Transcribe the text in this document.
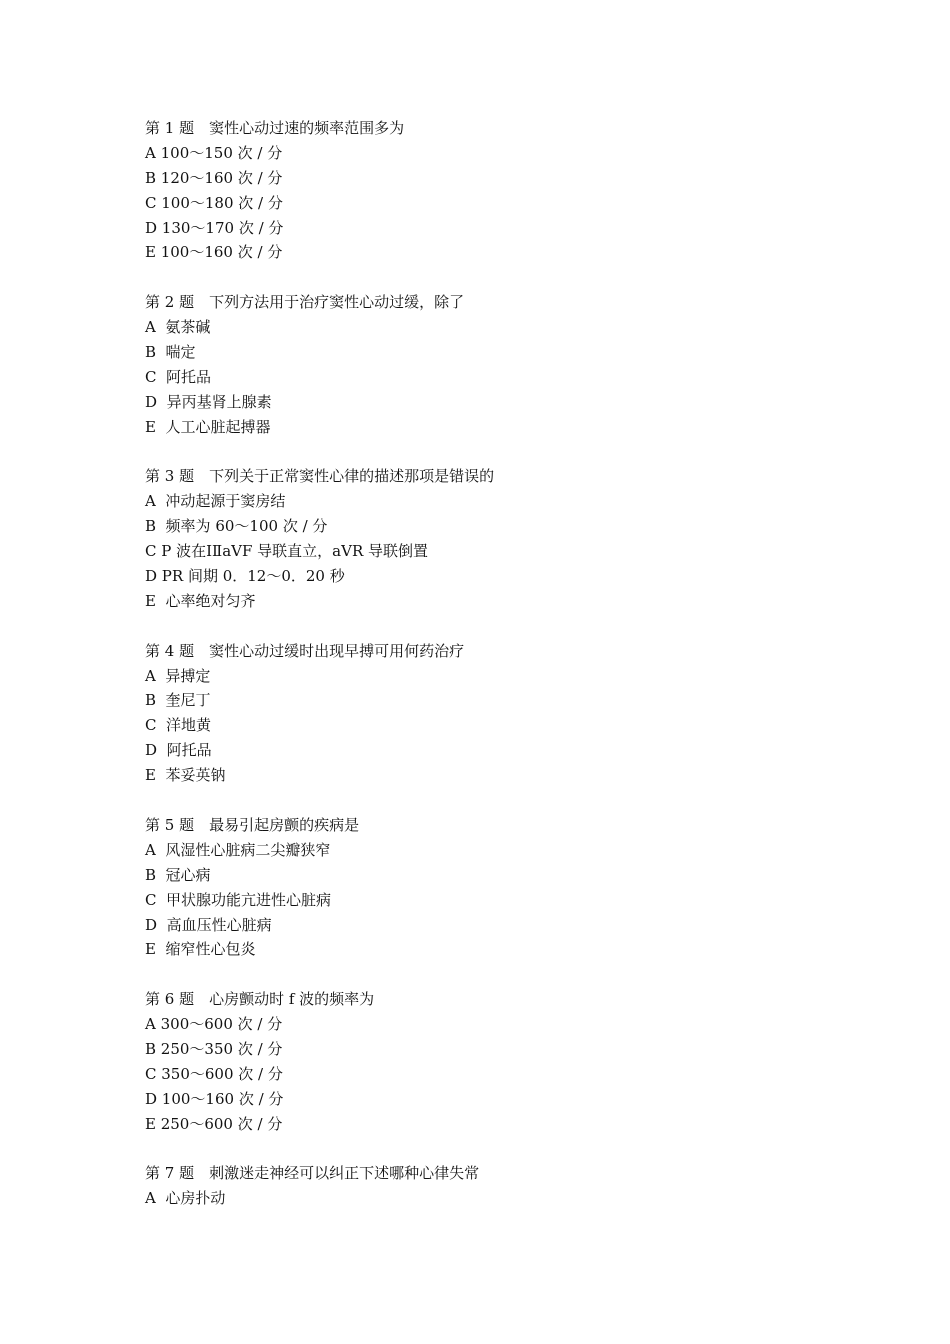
第 1 题　窦性心动过速的频率范围多为
A 100～150 次 / 分
B 120～160 次 / 分
C 100～180 次 / 分
D 130～170 次 / 分
E 100～160 次 / 分
第 2 题　下列方法用于治疗窦性心动过缓，除了
A  氨茶碱
B  喘定
C  阿托品
D  异丙基肾上腺素
E  人工心脏起搏器
第 3 题　下列关于正常窦性心律的描述那项是错误的
A  冲动起源于窦房结
B  频率为 60～100 次 / 分
C P 波在ⅠⅡaVF 导联直立，aVR 导联倒置
D PR 间期 0．12～0．20 秒
E  心率绝对匀齐
第 4 题　窦性心动过缓时出现早搏可用何药治疗
A  异搏定
B  奎尼丁
C  洋地黄
D  阿托品
E  苯妥英钠
第 5 题　最易引起房颤的疾病是
A  风湿性心脏病二尖瓣狭窄
B  冠心病
C  甲状腺功能亢进性心脏病
D  高血压性心脏病
E  缩窄性心包炎
第 6 题　心房颤动时 f 波的频率为
A 300～600 次 / 分
B 250～350 次 / 分
C 350～600 次 / 分
D 100～160 次 / 分
E 250～600 次 / 分
第 7 题　刺激迷走神经可以纠正下述哪种心律失常
A  心房扑动
